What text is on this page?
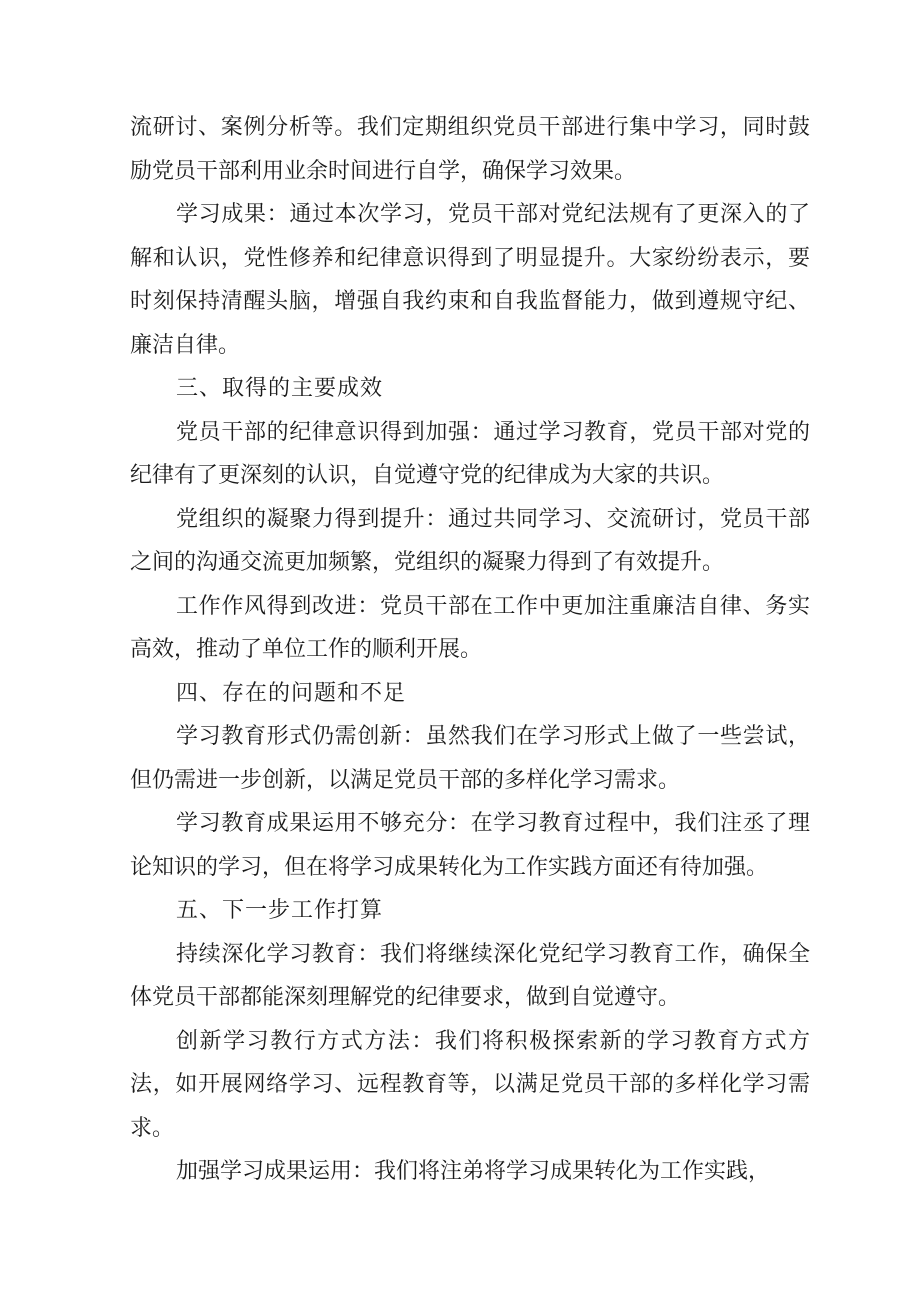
流研讨、案例分析等。我们定期组织党员干部进行集中学习，同时鼓励党员干部利用业余时间进行自学，确保学习效果。

学习成果：通过本次学习，党员干部对党纪法规有了更深入的了解和认识，党性修养和纪律意识得到了明显提升。大家纷纷表示，要时刻保持清醒头脑，增强自我约束和自我监督能力，做到遵规守纪、廉洁自律。

三、取得的主要成效

党员干部的纪律意识得到加强：通过学习教育，党员干部对党的纪律有了更深刻的认识，自觉遵守党的纪律成为大家的共识。

党组织的凝聚力得到提升：通过共同学习、交流研讨，党员干部之间的沟通交流更加频繁，党组织的凝聚力得到了有效提升。

工作作风得到改进：党员干部在工作中更加注重廉洁自律、务实高效，推动了单位工作的顺利开展。

四、存在的问题和不足

学习教育形式仍需创新：虽然我们在学习形式上做了一些尝试，但仍需进一步创新，以满足党员干部的多样化学习需求。

学习教育成果运用不够充分：在学习教育过程中，我们注丞了理论知识的学习，但在将学习成果转化为工作实践方面还有待加强。

五、下一步工作打算

持续深化学习教育：我们将继续深化党纪学习教育工作，确保全体党员干部都能深刻理解党的纪律要求，做到自觉遵守。

创新学习教行方式方法：我们将积极探索新的学习教育方式方法，如开展网络学习、远程教育等，以满足党员干部的多样化学习需求。

加强学习成果运用：我们将注弟将学习成果转化为工作实践，
